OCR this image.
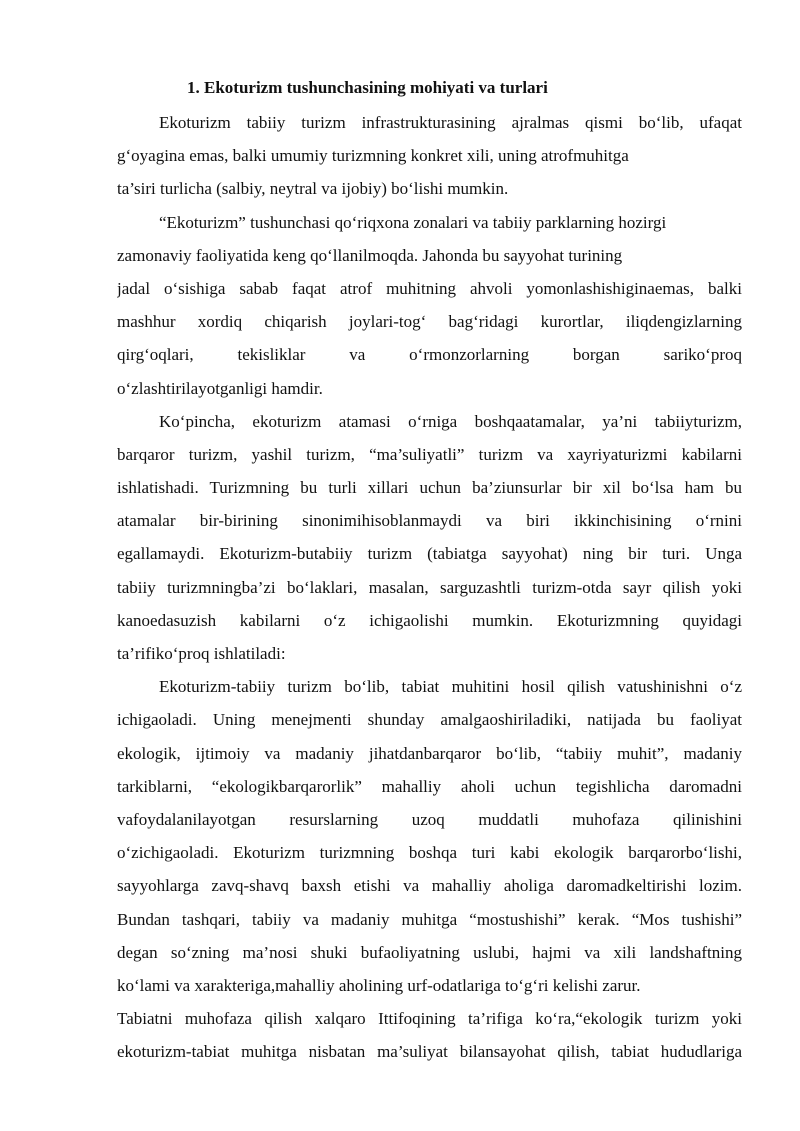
1. Ekoturizm tushunchasining mohiyati va turlari
Ekoturizm tabiiy turizm infrastrukturasining ajralmas qismi bo‘lib, ufaqat
g‘oyagina emas, balki umumiy turizmning konkret xili, uning atrofmuhitga
ta’siri turlicha (salbiy, neytral va ijobiy) bo‘lishi mumkin.
“Ekoturizm” tushunchasi qo‘riqxona zonalari va tabiiy parklarning hozirgi
zamonaviy faoliyatida keng qo‘llanilmoqda. Jahonda bu sayyohat turining
jadal o‘sishiga sabab faqat atrof muhitning ahvoli yomonlashishiginaemas, balki
mashhur xordiq chiqarish joylari-tog‘ bag‘ridagi kurortlar, iliqdengizlarning
qirg‘oqlari, tekisliklar va o‘rmonzorlarning borgan sariko‘proq
o‘zlashtirilayotganligi hamdir.
Ko‘pincha, ekoturizm atamasi o‘rniga boshqaatamalar, ya’ni tabiiyturizm,
barqaror turizm, yashil turizm, “ma’suliyatli” turizm va xayriyaturizmi kabilarni
ishlatishadi. Turizmning bu turli xillari uchun ba’ziunsurlar bir xil bo‘lsa ham bu
atamalar bir-birining sinonimihisoblanmaydi va biri ikkinchisining o‘rnini
egallamaydi. Ekoturizm-butabiiy turizm (tabiatga sayyohat) ning bir turi. Unga
tabiiy turizmningba’zi bo‘laklari, masalan, sarguzashtli turizm-otda sayr qilish yoki
kanoedasuzish kabilarni o‘z ichigaolishi mumkin. Ekoturizmning quyidagi
ta’rifiko‘proq ishlatiladi:
Ekoturizm-tabiiy turizm bo‘lib, tabiat muhitini hosil qilish vatushinishni o‘z
ichigaoladi. Uning menejmenti shunday amalgaoshiriladiki, natijada bu faoliyat
ekologik, ijtimoiy va madaniy jihatdanbarqaror bo‘lib, “tabiiy muhit”, madaniy
tarkiblarni, “ekologikbarqarorlik” mahalliy aholi uchun tegishlicha daromadni
vafoydalanilayotgan resurslarning uzoq muddatli muhofaza qilinishini
o‘zichigaoladi. Ekoturizm turizmning boshqa turi kabi ekologik barqarorbo‘lishi,
sayyohlarga zavq-shavq baxsh etishi va mahalliy aholiga daromadkeltirishi lozim.
Bundan tashqari, tabiiy va madaniy muhitga “mostushishi” kerak. “Mos tushishi”
degan so‘zning ma’nosi shuki bufaoliyatning uslubi, hajmi va xili landshaftning
ko‘lami va xarakteriga,mahalliy aholining urf-odatlariga to‘g‘ri kelishi zarur.
Tabiatni muhofaza qilish xalqaro Ittifoqining ta’rifiga ko‘ra,“ekologik turizm yoki
ekoturizm-tabiat muhitga nisbatan ma’suliyat bilansayohat qilish, tabiat hududlariga
